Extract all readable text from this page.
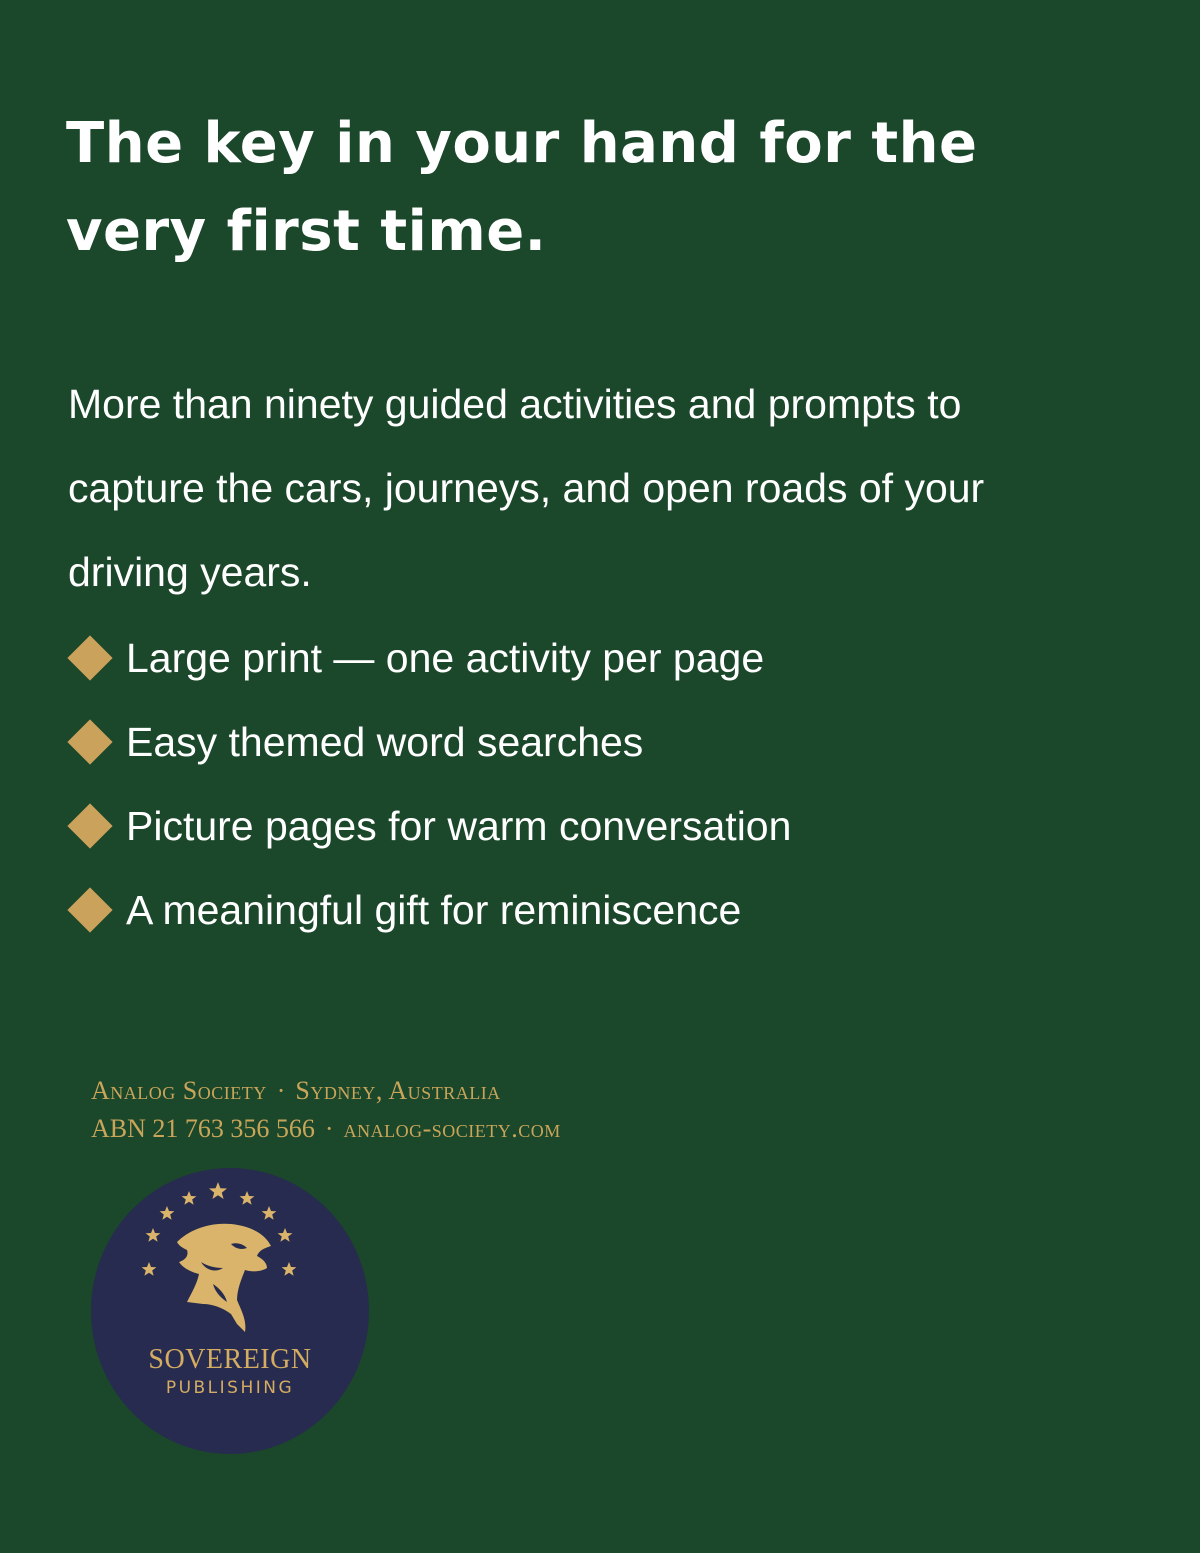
The key in your hand for the very first time.

More than ninety guided activities and prompts to capture the cars, journeys, and open roads of your driving years.

Large print — one activity per page
Easy themed word searches
Picture pages for warm conversation
A meaningful gift for reminiscence
Analog Society · Sydney, Australia
ABN 21 763 356 566 · analog-society.com
SOVEREIGN
PUBLISHING
